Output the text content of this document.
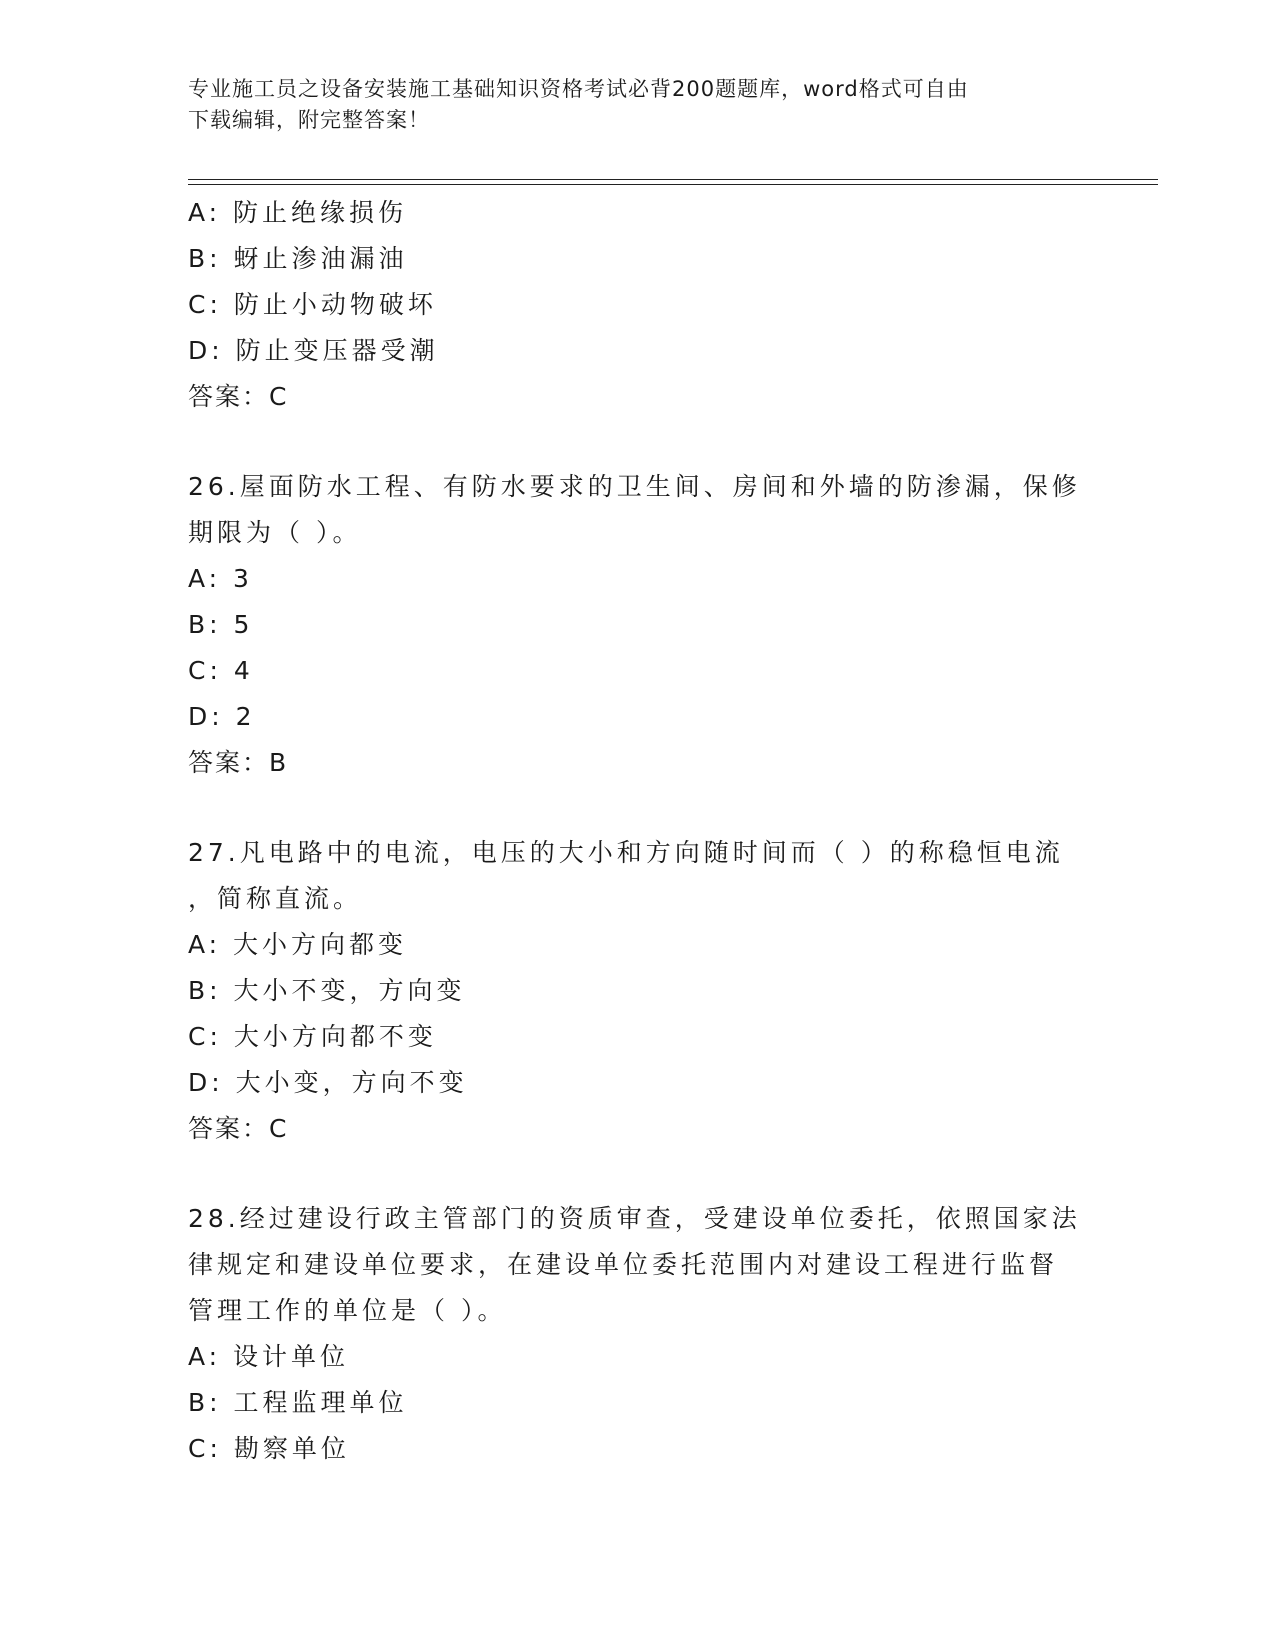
专业施工员之设备安装施工基础知识资格考试必背200题题库，word格式可自由
下载编辑，附完整答案！
A: 防止绝缘损伤
B: 蚜止渗油漏油
C: 防止小动物破坏
D: 防止变压器受潮
答案：C
26.屋面防水工程、有防水要求的卫生间、房间和外墙的防渗漏，保修
期限为（ ）。
A: 3
B: 5
C: 4
D: 2
答案：B
27.凡电路中的电流，电压的大小和方向随时间而（ ）的称稳恒电流
，简称直流。
A: 大小方向都变
B: 大小不变，方向变
C: 大小方向都不变
D: 大小变，方向不变
答案：C
28.经过建设行政主管部门的资质审查，受建设单位委托，依照国家法
律规定和建设单位要求，在建设单位委托范围内对建设工程进行监督
管理工作的单位是（ ）。
A: 设计单位
B: 工程监理单位
C: 勘察单位
